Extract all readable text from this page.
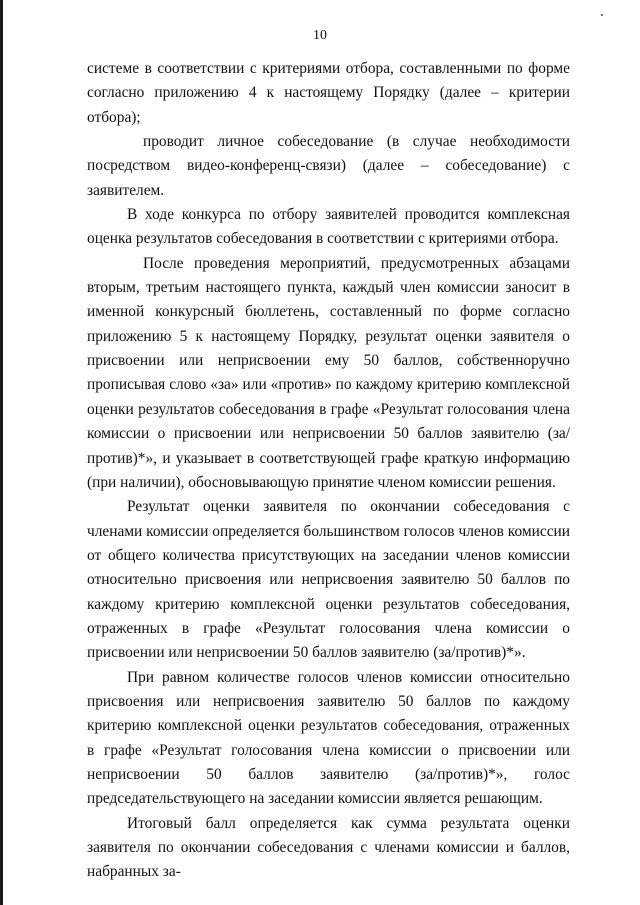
10

системе в соответствии с критериями отбора, составленными по форме согласно приложению 4 к настоящему Порядку (далее – критерии отбора);

проводит личное собеседование (в случае необходимости посредством видео-конференц-связи) (далее – собеседование) с заявителем.

В ходе конкурса по отбору заявителей проводится комплексная оценка результатов собеседования в соответствии с критериями отбора.

После проведения мероприятий, предусмотренных абзацами вторым, третьим настоящего пункта, каждый член комиссии заносит в именной конкурсный бюллетень, составленный по форме согласно приложению 5 к настоящему Порядку, результат оценки заявителя о присвоении или неприсвоении ему 50 баллов, собственноручно прописывая слово «за» или «против» по каждому критерию комплексной оценки результатов собеседования в графе «Результат голосования члена комиссии о присвоении или неприсвоении 50 баллов заявителю (за/против)*», и указывает в соответствующей графе краткую информацию (при наличии), обосновывающую принятие членом комиссии решения.

Результат оценки заявителя по окончании собеседования с членами комиссии определяется большинством голосов членов комиссии от общего количества присутствующих на заседании членов комиссии относительно присвоения или неприсвоения заявителю 50 баллов по каждому критерию комплексной оценки результатов собеседования, отраженных в графе «Результат голосования члена комиссии о присвоении или неприсвоении 50 баллов заявителю (за/против)*».

При равном количестве голосов членов комиссии относительно присвоения или неприсвоения заявителю 50 баллов по каждому критерию комплексной оценки результатов собеседования, отраженных в графе «Результат голосования члена комиссии о присвоении или неприсвоении 50 баллов заявителю (за/против)*», голос председательствующего на заседании комиссии является решающим.

Итоговый балл определяется как сумма результата оценки заявителя по окончании собеседования с членами комиссии и баллов, набранных за-
